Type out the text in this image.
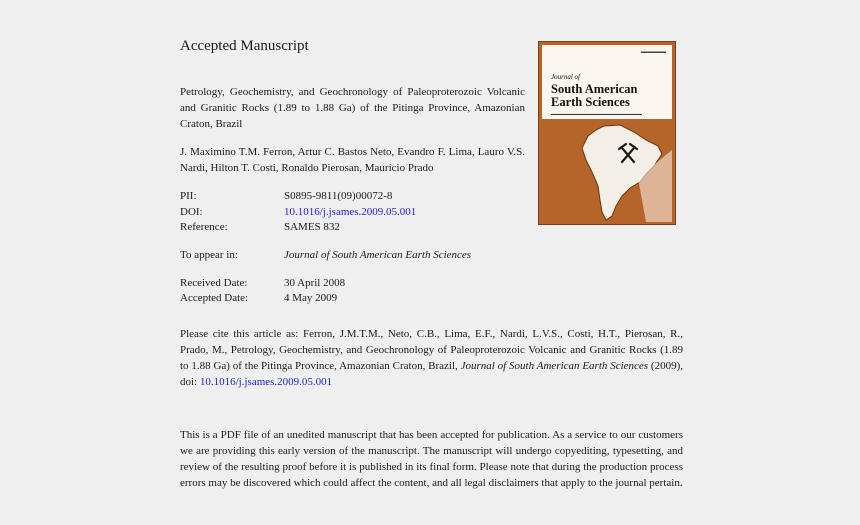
Accepted Manuscript
Petrology, Geochemistry, and Geochronology of Paleoproterozoic Volcanic and Granitic Rocks (1.89 to 1.88 Ga) of the Pitinga Province, Amazonian Craton, Brazil
J. Maximino T.M. Ferron, Artur C. Bastos Neto, Evandro F. Lima, Lauro V.S. Nardi, Hilton T. Costi, Ronaldo Pierosan, Maurício Prado
PII:	S0895-9811(09)00072-8
DOI:	10.1016/j.jsames.2009.05.001
Reference:	SAMES 832
To appear in:	Journal of South American Earth Sciences
Received Date:	30 April 2008
Accepted Date:	4 May 2009
Please cite this article as: Ferron, J.M.T.M., Neto, C.B., Lima, E.F., Nardi, L.V.S., Costi, H.T., Pierosan, R., Prado, M., Petrology, Geochemistry, and Geochronology of Paleoproterozoic Volcanic and Granitic Rocks (1.89 to 1.88 Ga) of the Pitinga Province, Amazonian Craton, Brazil, Journal of South American Earth Sciences (2009), doi: 10.1016/j.jsames.2009.05.001
This is a PDF file of an unedited manuscript that has been accepted for publication. As a service to our customers we are providing this early version of the manuscript. The manuscript will undergo copyediting, typesetting, and review of the resulting proof before it is published in its final form. Please note that during the production process errors may be discovered which could affect the content, and all legal disclaimers that apply to the journal pertain.
▬▬▬▬▬
Journal of
South American
Earth Sciences
▬▬▬▬▬▬▬▬▬▬▬▬▬▬▬▬▬▬▬▬▬▬▬▬▬▬
